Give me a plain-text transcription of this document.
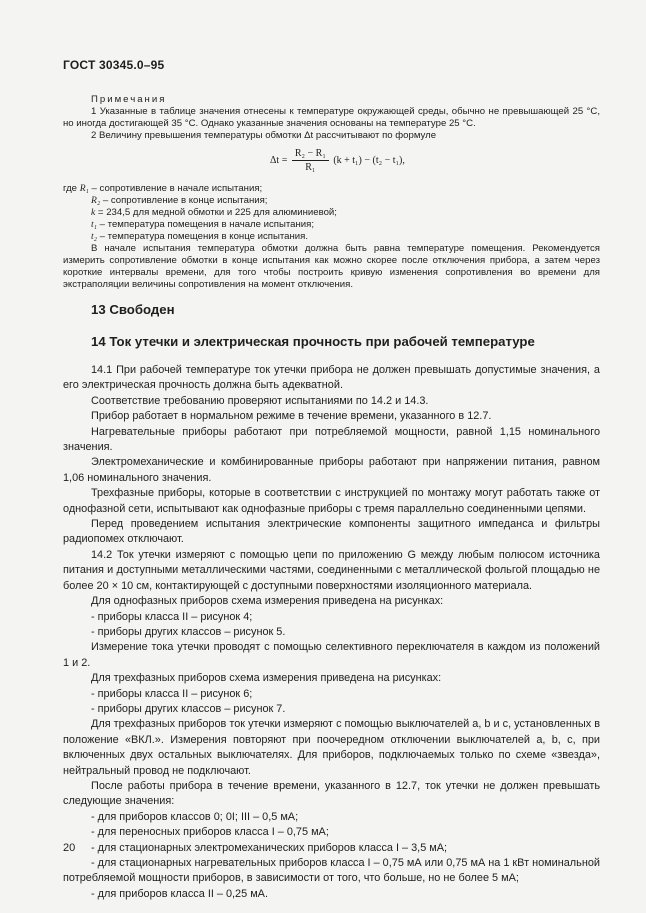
ГОСТ 30345.0–95

Примечания

1 Указанные в таблице значения отнесены к температуре окружающей среды, обычно не превышающей 25 °С, но иногда достигающей 35 °С. Однако указанные значения основаны на температуре 25 °С.

2 Величину превышения температуры обмотки Δt рассчитывают по формуле

$\Delta t = \frac{\text{R₂ − R₁}}{\text{R₁}} (k + t_1) - (t_2 - t_1)$,

где R₁ – сопротивление в начале испытания;

R₂ – сопротивление в конце испытания;

k = 234,5 для медной обмотки и 225 для алюминиевой;

t₁ – температура помещения в начале испытания;

t₂ – температура помещения в конце испытания.

В начале испытания температура обмотки должна быть равна температуре помещения. Рекомендуется измерить сопротивление обмотки в конце испытания как можно скорее после отключения прибора, а затем через короткие интервалы времени, для того чтобы построить кривую изменения сопротивления во времени для экстраполяции величины сопротивления на момент отключения.

13 Свободен
14 Ток утечки и электрическая прочность при рабочей температуре

14.1 При рабочей температуре ток утечки прибора не должен превышать допустимые значения, а его электрическая прочность должна быть адекватной.

Соответствие требованию проверяют испытаниями по 14.2 и 14.3.

Прибор работает в нормальном режиме в течение времени, указанного в 12.7.

Нагревательные приборы работают при потребляемой мощности, равной 1,15 номинального значения.

Электромеханические и комбинированные приборы работают при напряжении питания, равном 1,06 номинального значения.

Трехфазные приборы, которые в соответствии с инструкцией по монтажу могут работать также от однофазной сети, испытывают как однофазные приборы с тремя параллельно соединенными цепями.

Перед проведением испытания электрические компоненты защитного импеданса и фильтры радиопомех отключают.

14.2 Ток утечки измеряют с помощью цепи по приложению G между любым полюсом источника питания и доступными металлическими частями, соединенными с металлической фольгой площадью не более 20 × 10 см, контактирующей с доступными поверхностями изоляционного материала.

Для однофазных приборов схема измерения приведена на рисунках:

- приборы класса II – рисунок 4;

- приборы других классов – рисунок 5.

Измерение тока утечки проводят с помощью селективного переключателя в каждом из положений 1 и 2.

Для трехфазных приборов схема измерения приведена на рисунках:

- приборы класса II – рисунок 6;

- приборы других классов – рисунок 7.

Для трехфазных приборов ток утечки измеряют с помощью выключателей a, b и c, установленных в положение «ВКЛ.». Измерения повторяют при поочередном отключении выключателей a, b, c, при включенных двух остальных выключателях. Для приборов, подключаемых только по схеме «звезда», нейтральный провод не подключают.

После работы прибора в течение времени, указанного в 12.7, ток утечки не должен превышать следующие значения:

- для приборов классов 0; 0I; III – 0,5 мА;

- для переносных приборов класса I – 0,75 мА;

- для стационарных электромеханических приборов класса I – 3,5 мА;

- для стационарных нагревательных приборов класса I – 0,75 мА или 0,75 мА на 1 кВт номинальной потребляемой мощности приборов, в зависимости от того, что больше, но не более 5 мА;

- для приборов класса II – 0,25 мА.

20
